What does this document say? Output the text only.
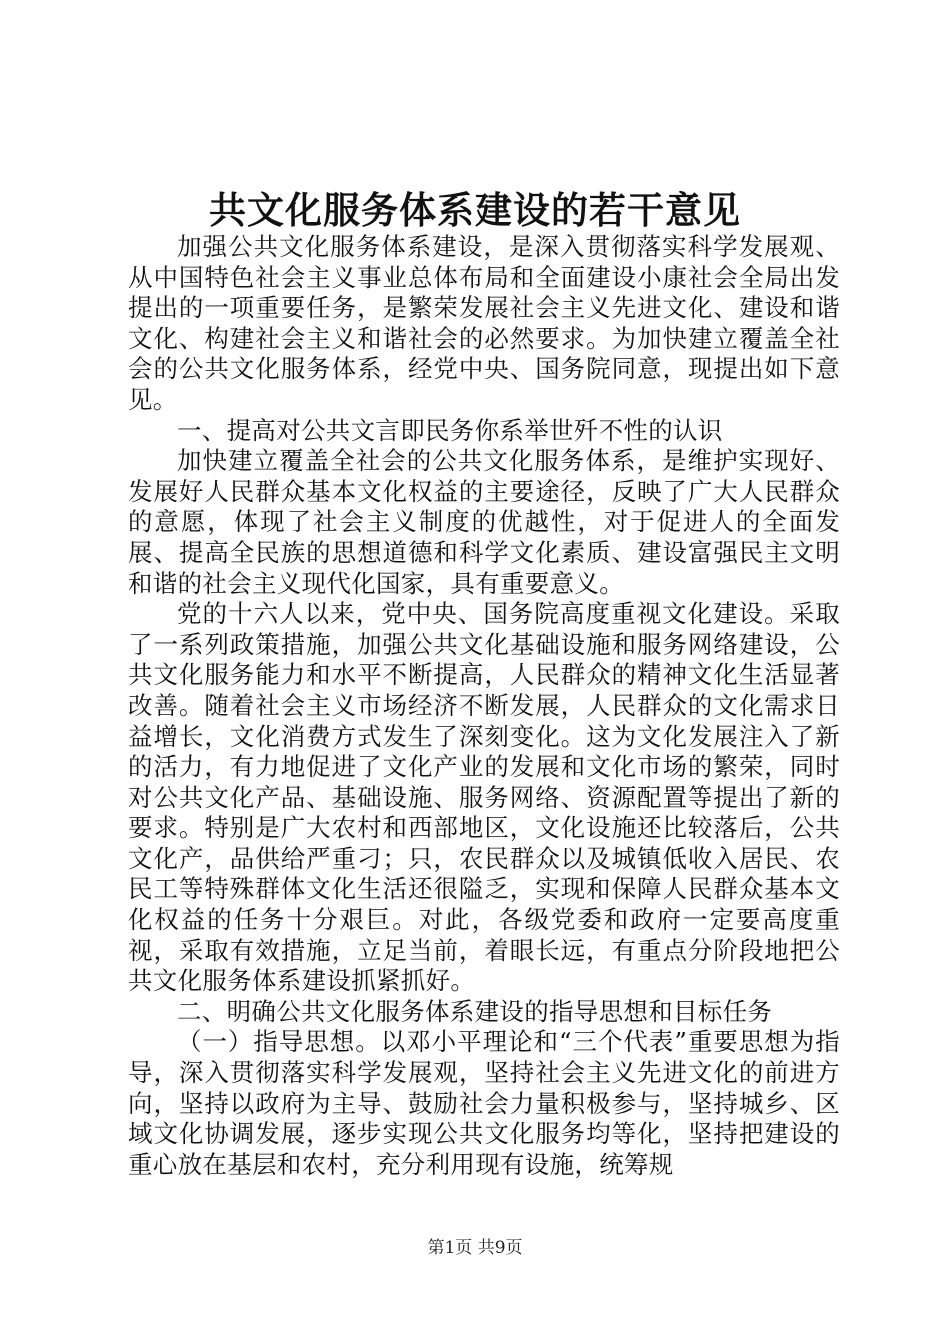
共文化服务体系建设的若干意见

加强公共文化服务体系建设，是深入贯彻落实科学发展观、从中国特色社会主义事业总体布局和全面建设小康社会全局出发提出的一项重要任务，是繁荣发展社会主义先进文化、建设和谐文化、构建社会主义和谐社会的必然要求。为加快建立覆盖全社会的公共文化服务体系，经党中央、国务院同意，现提出如下意见。

一、提高对公共文言即民务你系举世歼不性的认识

加快建立覆盖全社会的公共文化服务体系，是维护实现好、发展好人民群众基本文化权益的主要途径，反映了广大人民群众的意愿，体现了社会主义制度的优越性，对于促进人的全面发展、提高全民族的思想道德和科学文化素质、建设富强民主文明和谐的社会主义现代化国家，具有重要意义。

党的十六人以来，党中央、国务院高度重视文化建设。采取了一系列政策措施，加强公共文化基础设施和服务网络建设，公共文化服务能力和水平不断提高，人民群众的精神文化生活显著改善。随着社会主义市场经济不断发展，人民群众的文化需求日益增长，文化消费方式发生了深刻变化。这为文化发展注入了新的活力，有力地促进了文化产业的发展和文化市场的繁荣，同时对公共文化产品、基础设施、服务网络、资源配置等提出了新的要求。特别是广大农村和西部地区，文化设施还比较落后，公共文化产，品供给严重刁；只，农民群众以及城镇低收入居民、农民工等特殊群体文化生活还很隘乏，实现和保障人民群众基本文化权益的任务十分艰巨。对此，各级党委和政府一定要高度重视，采取有效措施，立足当前，着眼长远，有重点分阶段地把公共文化服务体系建设抓紧抓好。

二、明确公共文化服务体系建设的指导思想和目标任务

（一）指导思想。以邓小平理论和“三个代表”重要思想为指导，深入贯彻落实科学发展观，坚持社会主义先进文化的前进方向，坚持以政府为主导、鼓励社会力量积极参与，坚持城乡、区域文化协调发展，逐步实现公共文化服务均等化，坚持把建设的重心放在基层和农村，充分利用现有设施，统筹规

第1页 共9页
